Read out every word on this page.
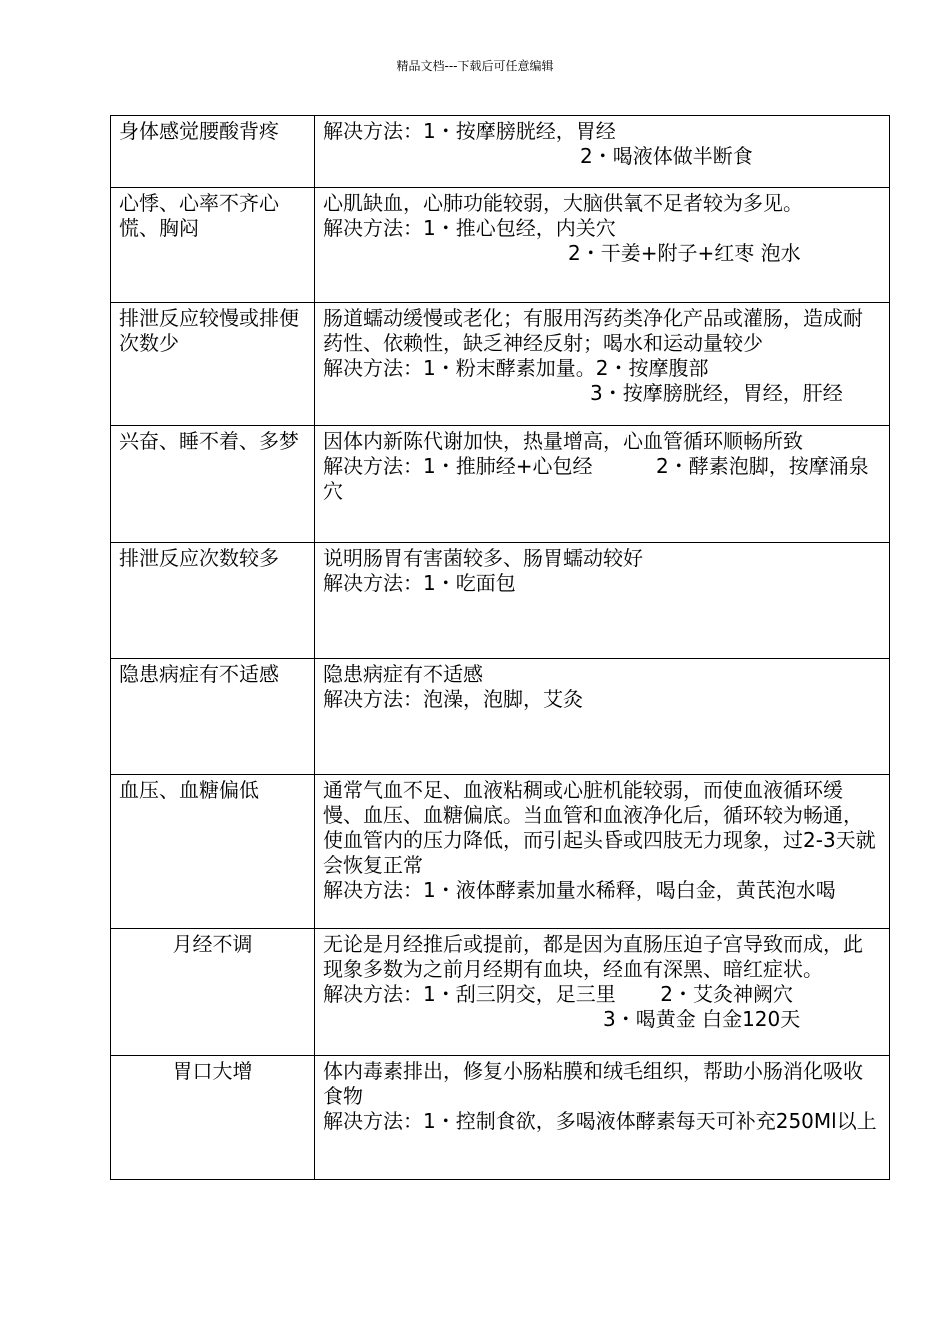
精品文档---下载后可任意编辑
身体感觉腰酸背疼	解决方法：1・按摩膀胱经，胃经
2・喝液体做半断食

心悸、心率不齐心慌、胸闷	心肌缺血，心肺功能较弱，大脑供氧不足者较为多见。
解决方法：1・推心包经，内关穴
2・干姜+附子+红枣 泡水

排泄反应较慢或排便次数少	肠道蠕动缓慢或老化；有服用泻药类净化产品或灌肠，造成耐药性、依赖性，缺乏神经反射；喝水和运动量较少
解决方法：1・粉末酵素加量。2・按摩腹部
3・按摩膀胱经，胃经，肝经

兴奋、睡不着、多梦	因体内新陈代谢加快，热量增高，心血管循环顺畅所致
解决方法：1・推肺经+心包经          2・酵素泡脚，按摩涌泉穴

排泄反应次数较多	说明肠胃有害菌较多、肠胃蠕动较好
解决方法：1・吃面包

隐患病症有不适感	隐患病症有不适感
解决方法：泡澡，泡脚，艾灸

血压、血糖偏低	通常气血不足、血液粘稠或心脏机能较弱，而使血液循环缓慢、血压、血糖偏底。当血管和血液净化后，循环较为畅通，使血管内的压力降低，而引起头昏或四肢无力现象，过2-3天就会恢复正常
解决方法：1・液体酵素加量水稀释，喝白金，黄芪泡水喝

月经不调	无论是月经推后或提前，都是因为直肠压迫子宫导致而成，此现象多数为之前月经期有血块，经血有深黑、暗红症状。
解决方法：1・刮三阴交，足三里       2・艾灸神阙穴
3・喝黄金 白金120天

胃口大增	体内毒素排出，修复小肠粘膜和绒毛组织，帮助小肠消化吸收食物
解决方法：1・控制食欲，多喝液体酵素每天可补充250Ml以上
